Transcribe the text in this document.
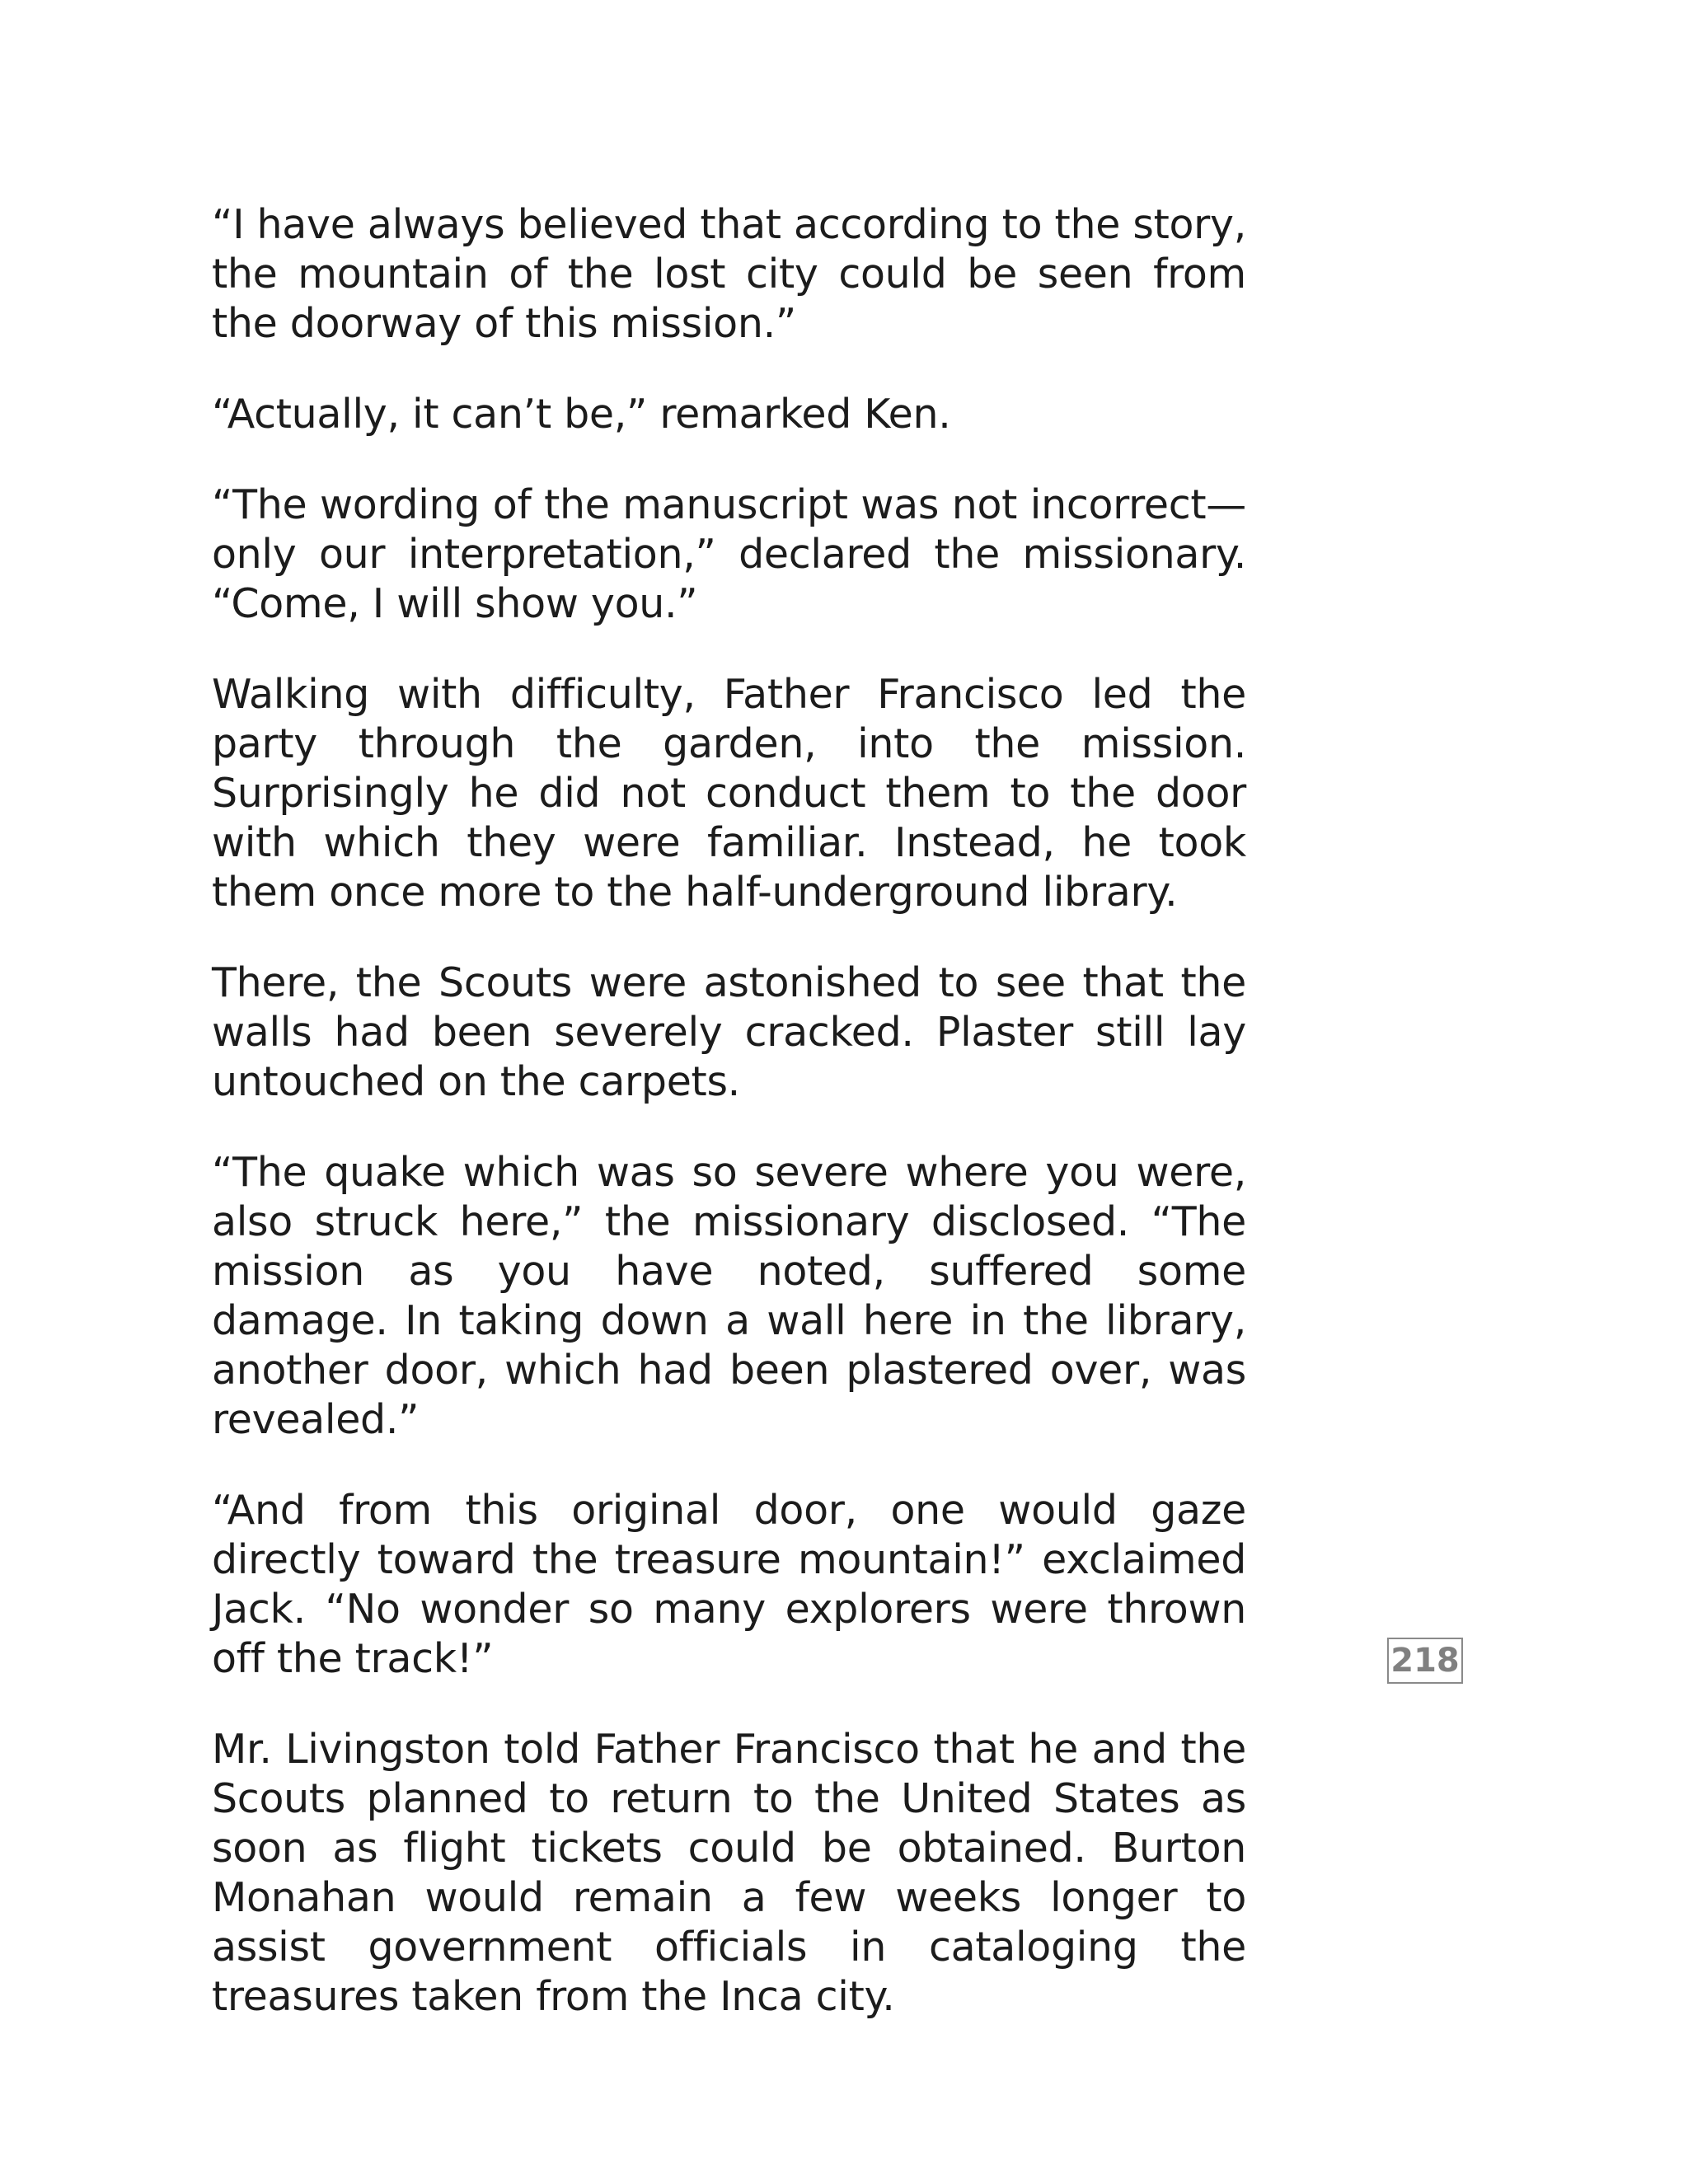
“I have always believed that according to the story, the mountain of the lost city could be seen from the doorway of this mission.”

“Actually, it can’t be,” remarked Ken.

“The wording of the manuscript was not incorrect—only our interpretation,” declared the missionary. “Come, I will show you.”

Walking with difficulty, Father Francisco led the party through the garden, into the mission. Surprisingly he did not conduct them to the door with which they were familiar. Instead, he took them once more to the half-underground library.

There, the Scouts were astonished to see that the walls had been severely cracked. Plaster still lay untouched on the carpets.

“The quake which was so severe where you were, also struck here,” the missionary disclosed. “The mission as you have noted, suffered some damage. In taking down a wall here in the library, another door, which had been plastered over, was revealed.”

“And from this original door, one would gaze directly toward the treasure mountain!” exclaimed Jack. “No wonder so many explorers were thrown off the track!”

Mr. Livingston told Father Francisco that he and the Scouts planned to return to the United States as soon as flight tickets could be obtained. Burton Monahan would remain a few weeks longer to assist government officials in cataloging the treasures taken from the Inca city.

218
